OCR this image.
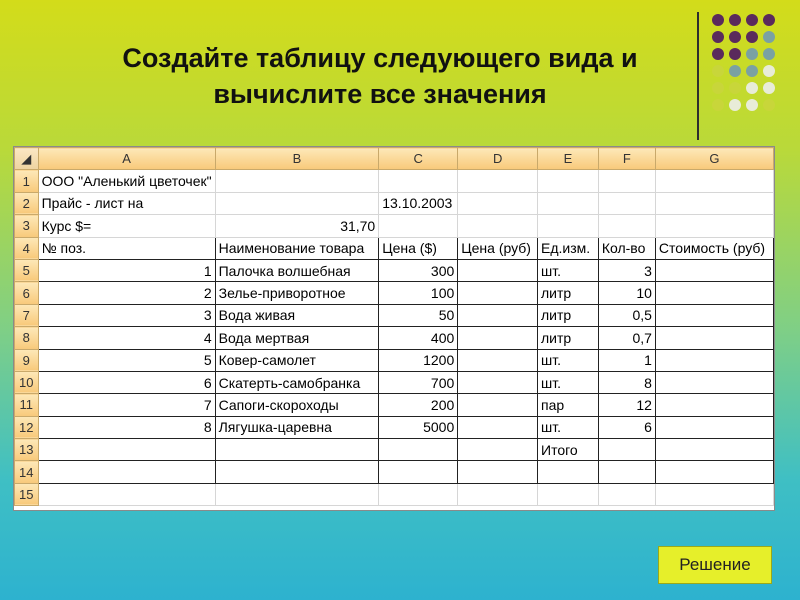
Создайте таблицу следующего вида и
вычислите все значения
◢	A	B	C	D	E	F	G
1	ООО "Аленький цветочек"						
2	Прайс - лист на		13.10.2003				
3	Курс $=	31,70					
4	№ поз.	Наименование товара	Цена ($)	Цена (руб)	Ед.изм.	Кол-во	Стоимость (руб)
5	1	Палочка волшебная	300		шт.	3	
6	2	Зелье-приворотное	100		литр	10	
7	3	Вода живая	50		литр	0,5	
8	4	Вода мертвая	400		литр	0,7	
9	5	Ковер-самолет	1200		шт.	1	
10	6	Скатерть-самобранка	700		шт.	8	
11	7	Сапоги-скороходы	200		пар	12	
12	8	Лягушка-царевна	5000		шт.	6	
13					Итого		
14							
15							
Решение
